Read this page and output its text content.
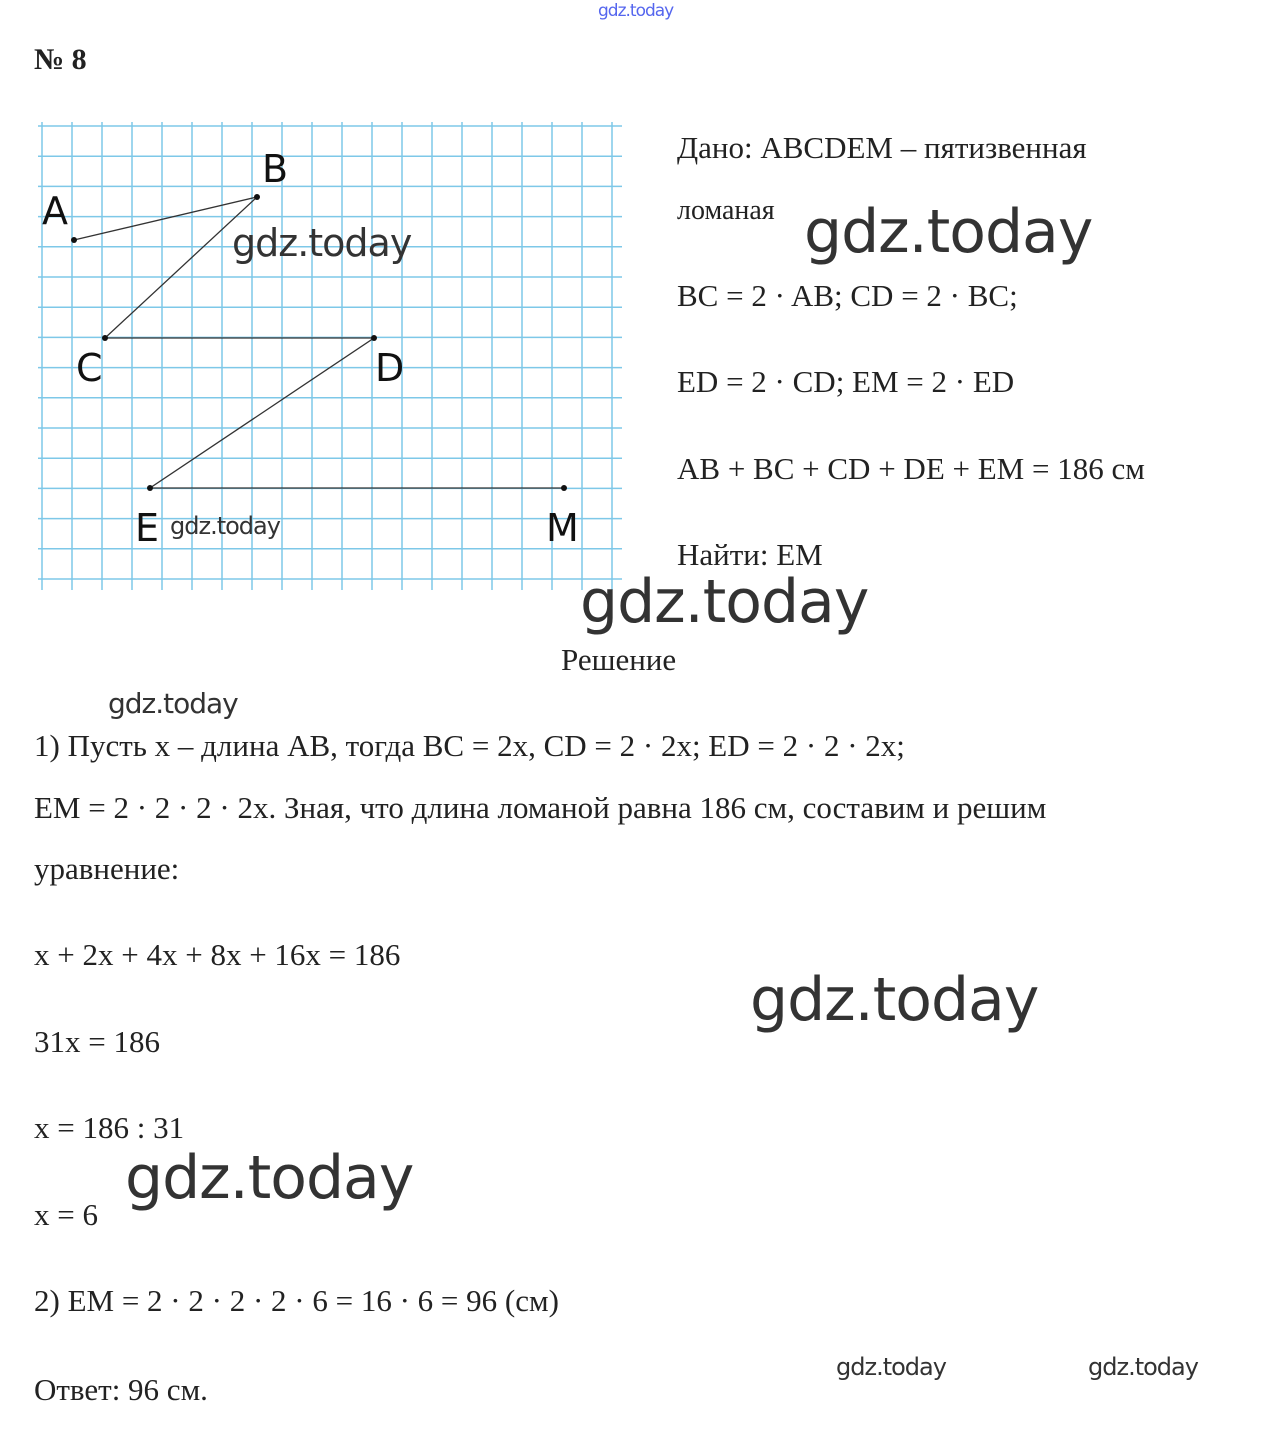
gdz.today
№ 8
A
B
C	D
E	M
gdz.today
gdz.today
Дано: ABCDEM – пятизвенная
ломаная gdz.today
BC = 2 · AB; CD = 2 · BC;
ED = 2 · CD; EM = 2 · ED
AB + BC + CD + DE + EM = 186 см
Найти: EM
gdz.today
Решение
gdz.today
1) Пусть x – длина AB, тогда BC = 2x, CD = 2 · 2x; ED = 2 · 2 · 2x;
EM = 2 · 2 · 2 · 2x. Зная, что длина ломаной равна 186 см, составим и решим
уравнение:
x + 2x + 4x + 8x + 16x = 186
gdz.today
31x = 186
x = 186 : 31
gdz.today
x = 6
2) EM = 2 · 2 · 2 · 2 · 6 = 16 · 6 = 96 (см)
Ответ: 96 см.
gdz.today	gdz.today
